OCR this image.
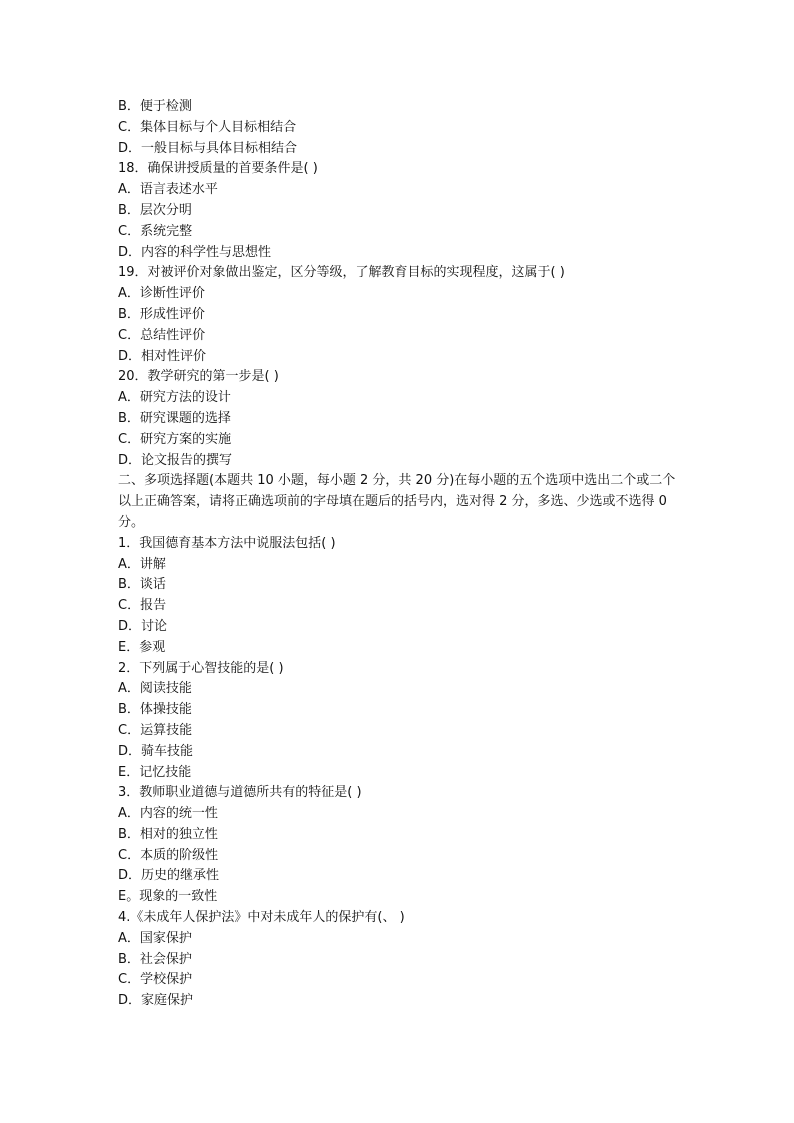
B．便于检测
C．集体目标与个人目标相结合
D．一般目标与具体目标相结合
18．确保讲授质量的首要条件是( )
A．语言表述水平
B．层次分明
C．系统完整
D．内容的科学性与思想性
19．对被评价对象做出鉴定，区分等级，了解教育目标的实现程度，这属于( )
A．诊断性评价
B．形成性评价
C．总结性评价
D．相对性评价
20．教学研究的第一步是( )
A．研究方法的设计
B．研究课题的选择
C．研究方案的实施
D．论文报告的撰写
二、多项选择题(本题共 10 小题，每小题 2 分，共 20 分)在每小题的五个选项中选出二个或二个以上正确答案，请将正确选项前的字母填在题后的括号内，选对得 2 分，多选、少选或不选得 0 分。
1．我国德育基本方法中说服法包括( )
A．讲解
B．谈话
C．报告
D．讨论
E．参观
2．下列属于心智技能的是( )
A．阅读技能
B．体操技能
C．运算技能
D．骑车技能
E．记忆技能
3．教师职业道德与道德所共有的特征是( )
A．内容的统一性
B．相对的独立性
C．本质的阶级性
D．历史的继承性
E。现象的一致性
4.《未成年人保护法》中对未成年人的保护有(、 )
A．国家保护
B．社会保护
C．学校保护
D．家庭保护
